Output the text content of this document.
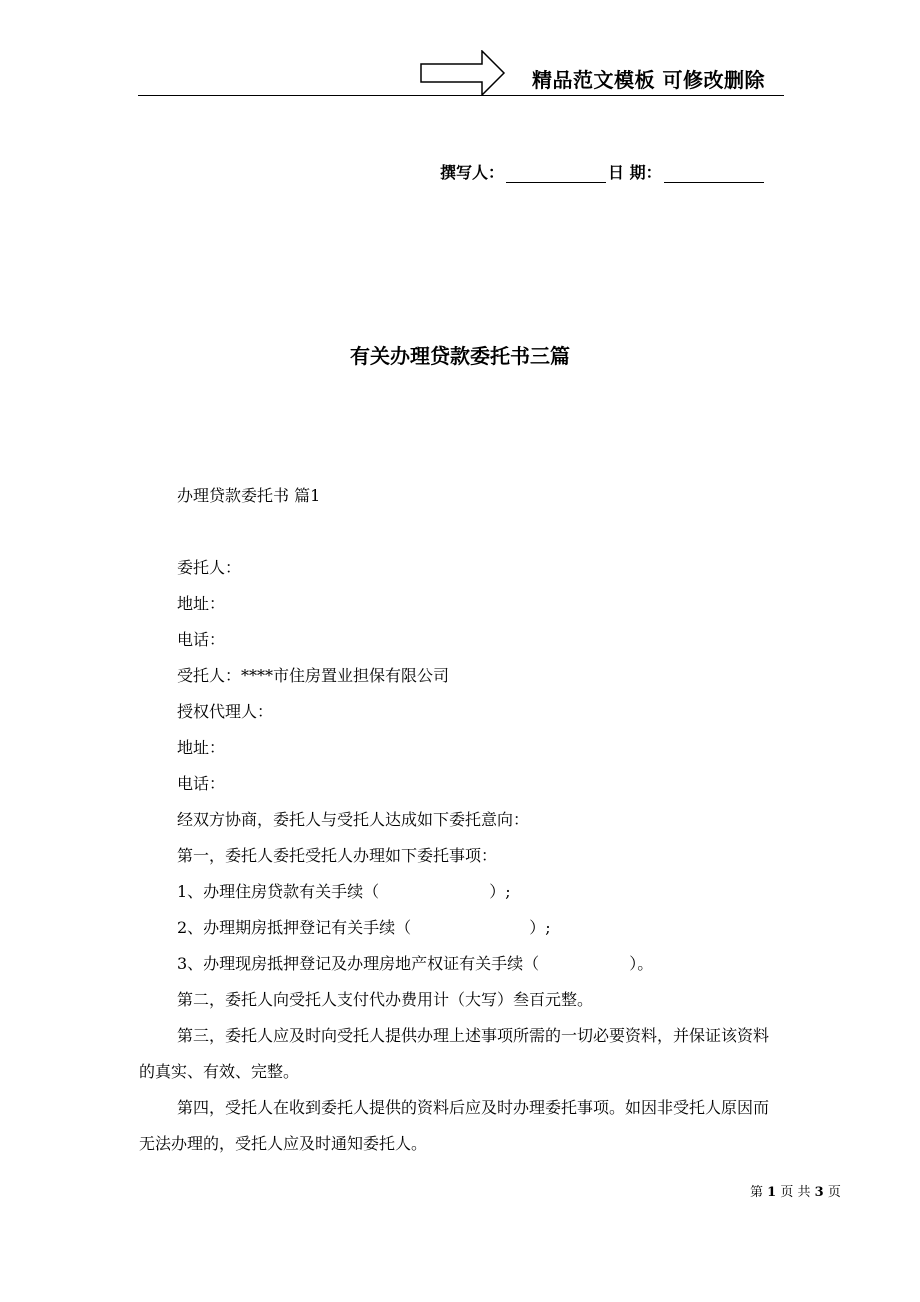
精品范文模板 可修改删除
撰写人：	日 期：
有关办理贷款委托书三篇

办理贷款委托书 篇1

委托人：

地址：

电话：

受托人：****市住房置业担保有限公司

授权代理人：

地址：

电话：

经双方协商，委托人与受托人达成如下委托意向：

第一，委托人委托受托人办理如下委托事项：

1、办理住房贷款有关手续（	）;

2、办理期房抵押登记有关手续（	）;

3、办理现房抵押登记及办理房地产权证有关手续（	）。

第二，委托人向受托人支付代办费用计（大写）叁百元整。

第三，委托人应及时向受托人提供办理上述事项所需的一切必要资料，并保证该资料的真实、有效、完整。

第四，受托人在收到委托人提供的资料后应及时办理委托事项。如因非受托人原因而无法办理的，受托人应及时通知委托人。

第 1 页 共 3 页
